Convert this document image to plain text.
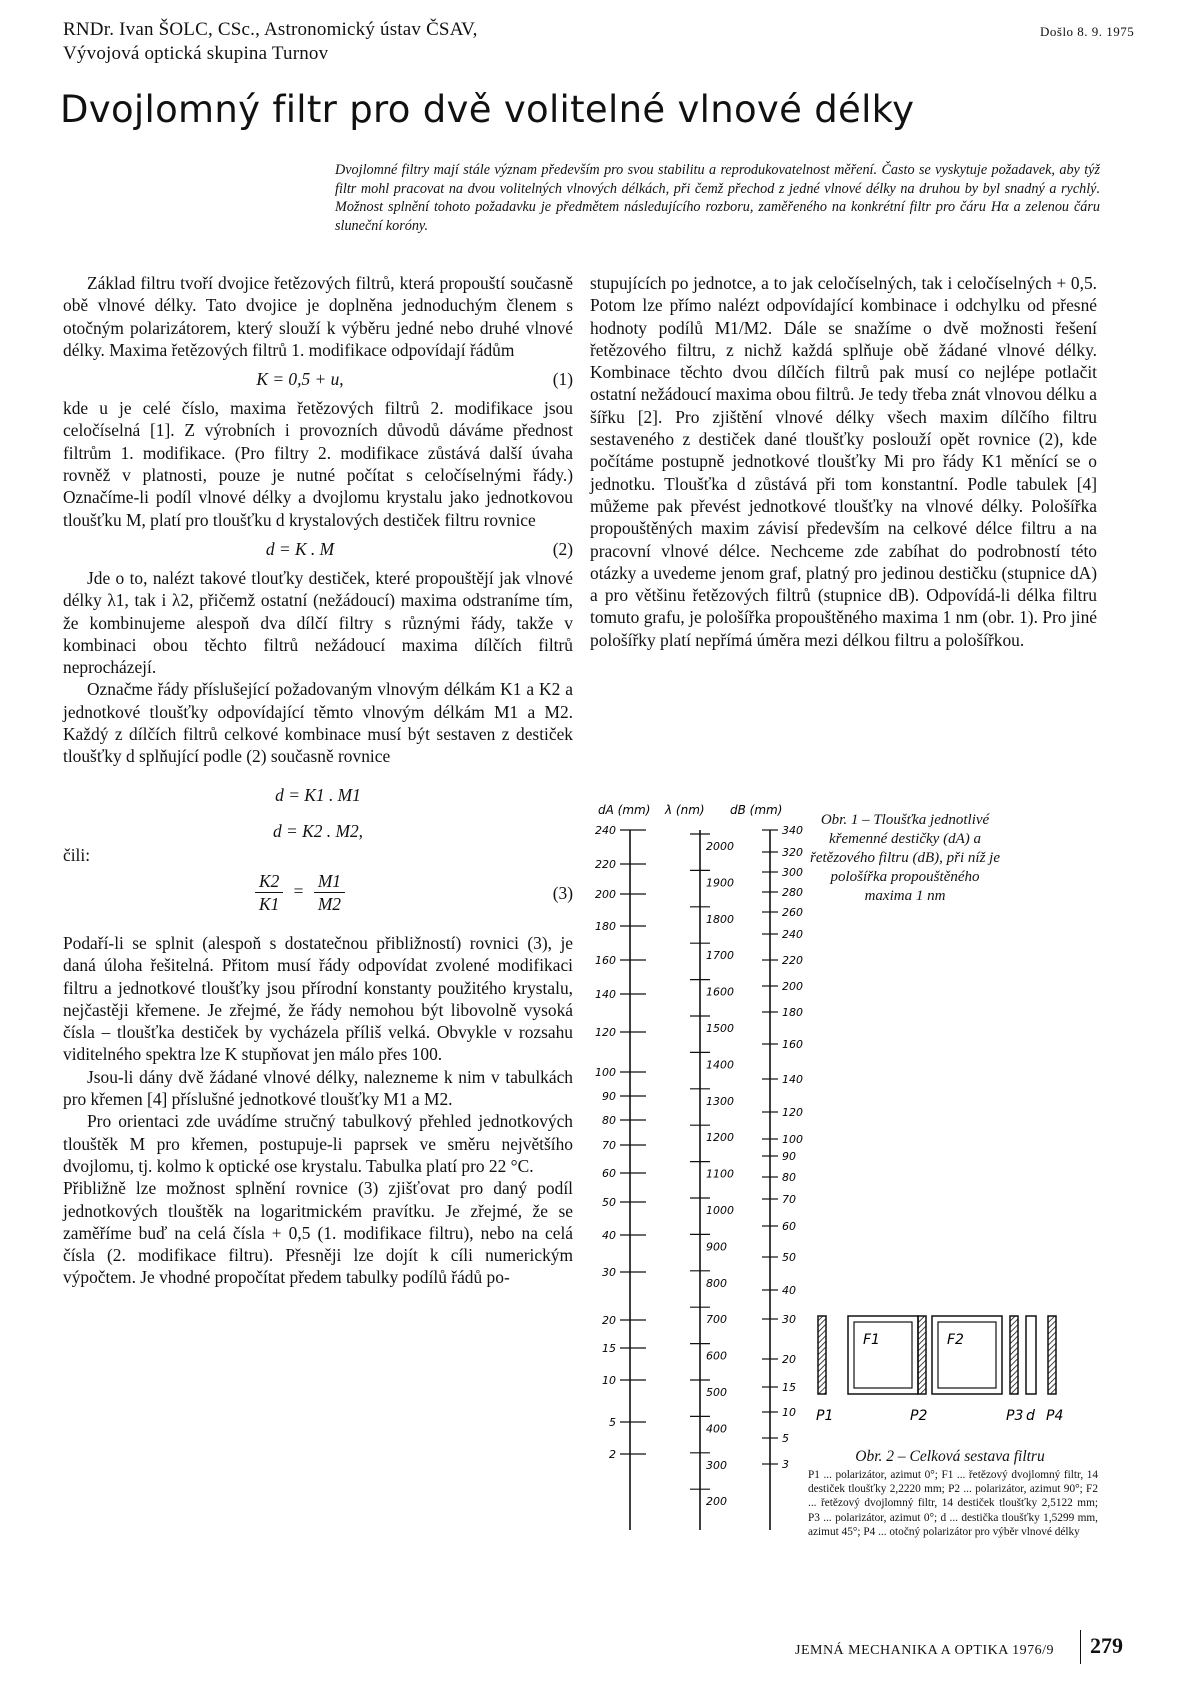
RNDr. Ivan ŠOLC, CSc., Astronomický ústav ČSAV,
Vývojová optická skupina Turnov
Došlo 8. 9. 1975
Dvojlomný filtr pro dvě volitelné vlnové délky
Dvojlomné filtry mají stále význam především pro svou stabilitu a reprodukovatelnost měření. Často se vyskytuje požadavek, aby týž filtr mohl pracovat na dvou volitelných vlnových délkách, při čemž přechod z jedné vlnové délky na druhou by byl snadný a rychlý. Možnost splnění tohoto požadavku je předmětem následujícího rozboru, zaměřeného na konkrétní filtr pro čáru Hα a zelenou čáru sluneční koróny.

Základ filtru tvoří dvojice řetězových filtrů, která propouští současně obě vlnové délky. Tato dvojice je doplněna jednoduchým členem s otočným polarizátorem, který slouží k výběru jedné nebo druhé vlnové délky. Maxima řetězových filtrů 1. modifikace odpovídají řádům

K = 0,5 + u,	(1)

kde u je celé číslo, maxima řetězových filtrů 2. modifikace jsou celočíselná [1]. Z výrobních i provozních důvodů dáváme přednost filtrům 1. modifikace. (Pro filtry 2. modifikace zůstává další úvaha rovněž v platnosti, pouze je nutné počítat s celočíselnými řády.) Označíme-li podíl vlnové délky a dvojlomu krystalu jako jednotkovou tloušťku M, platí pro tloušťku d krystalových destiček filtru rovnice

d = K . M	(2)

Jde o to, nalézt takové tlouťky destiček, které propouštějí jak vlnové délky λ1, tak i λ2, přičemž ostatní (nežádoucí) maxima odstraníme tím, že kombinujeme alespoň dva dílčí filtry s různými řády, takže v kombinaci obou těchto filtrů nežádoucí maxima dílčích filtrů neprocházejí.

Označme řády příslušející požadovaným vlnovým délkám K1 a K2 a jednotkové tloušťky odpovídající těmto vlnovým délkám M1 a M2. Každý z dílčích filtrů celkové kombinace musí být sestaven z destiček tloušťky d splňující podle (2) současně rovnice

d = K1 . M1
d = K2 . M2,
čili:
$\frac{K2}{K1} = \frac{M1}{M2}$	(3)

Podaří-li se splnit (alespoň s dostatečnou přibližností) rovnici (3), je daná úloha řešitelná. Přitom musí řády odpovídat zvolené modifikaci filtru a jednotkové tloušťky jsou přírodní konstanty použitého krystalu, nejčastěji křemene. Je zřejmé, že řády nemohou být libovolně vysoká čísla – tloušťka destiček by vycházela příliš velká. Obvykle v rozsahu viditelného spektra lze K stupňovat jen málo přes 100.

Jsou-li dány dvě žádané vlnové délky, nalezneme k nim v tabulkách pro křemen [4] příslušné jednotkové tloušťky M1 a M2.

Pro orientaci zde uvádíme stručný tabulkový přehled jednotkových tlouštěk M pro křemen, postupuje-li paprsek ve směru největšího dvojlomu, tj. kolmo k optické ose krystalu. Tabulka platí pro 22 °C.

Přibližně lze možnost splnění rovnice (3) zjišťovat pro daný podíl jednotkových tlouštěk na logaritmickém pravítku. Je zřejmé, že se zaměříme buď na celá čísla + 0,5 (1. modifikace filtru), nebo na celá čísla (2. modifikace filtru). Přesněji lze dojít k cíli numerickým výpočtem. Je vhodné propočítat předem tabulky podílů řádů po-

stupujících po jednotce, a to jak celočíselných, tak i celočíselných + 0,5. Potom lze přímo nalézt odpovídající kombinace i odchylku od přesné hodnoty podílů M1/M2. Dále se snažíme o dvě možnosti řešení řetězového filtru, z nichž každá splňuje obě žádané vlnové délky. Kombinace těchto dvou dílčích filtrů pak musí co nejlépe potlačit ostatní nežádoucí maxima obou filtrů. Je tedy třeba znát vlnovou délku a šířku [2]. Pro zjištění vlnové délky všech maxim dílčího filtru sestaveného z destiček dané tloušťky poslouží opět rovnice (2), kde počítáme postupně jednotkové tloušťky Mi pro řády K1 měnící se o jednotku. Tloušťka d zůstává při tom konstantní. Podle tabulek [4] můžeme pak převést jednotkové tloušťky na vlnové délky. Pološířka propouštěných maxim závisí především na celkové délce filtru a na pracovní vlnové délce. Nechceme zde zabíhat do podrobností této otázky a uvedeme jenom graf, platný pro jedinou destičku (stupnice dA) a pro většinu řetězových filtrů (stupnice dB). Odpovídá-li délka filtru tomuto grafu, je pološířka propouštěného maxima 1 nm (obr. 1). Pro jiné pološířky platí nepřímá úměra mezi délkou filtru a pološířkou.

dA (mm) λ (nm) dB (mm)
240
220
200
180
160
140
120
100
90
80
70
60
50
40
30
20
15
10
5
2
2000
1900
1800
1700
1600
1500
1400
1300
1200
1100
1000
900
800
700
600
500
400
300
200
340
320
300
280
260
240
220
200
180
160
140
120
100
90
80
70
60
50
40
30
20
15
10
5
3
Obr. 1 – Tloušťka jednotlivé křemenné destičky (dA) a řetězového filtru (dB), při níž je pološířka propouštěného maxima 1 nm
F1	F2
P1	P2	P3 d P4
Obr. 2 – Celková sestava filtru
P1 ... polarizátor, azimut 0°; F1 ... řetězový dvojlomný filtr, 14 destiček tloušťky 2,2220 mm; P2 ... polarizátor, azimut 90°; F2 ... řetězový dvojlomný filtr, 14 destiček tloušťky 2,5122 mm; P3 ... polarizátor, azimut 0°; d ... destička tloušťky 1,5299 mm, azimut 45°; P4 ... otočný polarizátor pro výběr vlnové délky
JEMNÁ MECHANIKA A OPTIKA 1976/9 279
